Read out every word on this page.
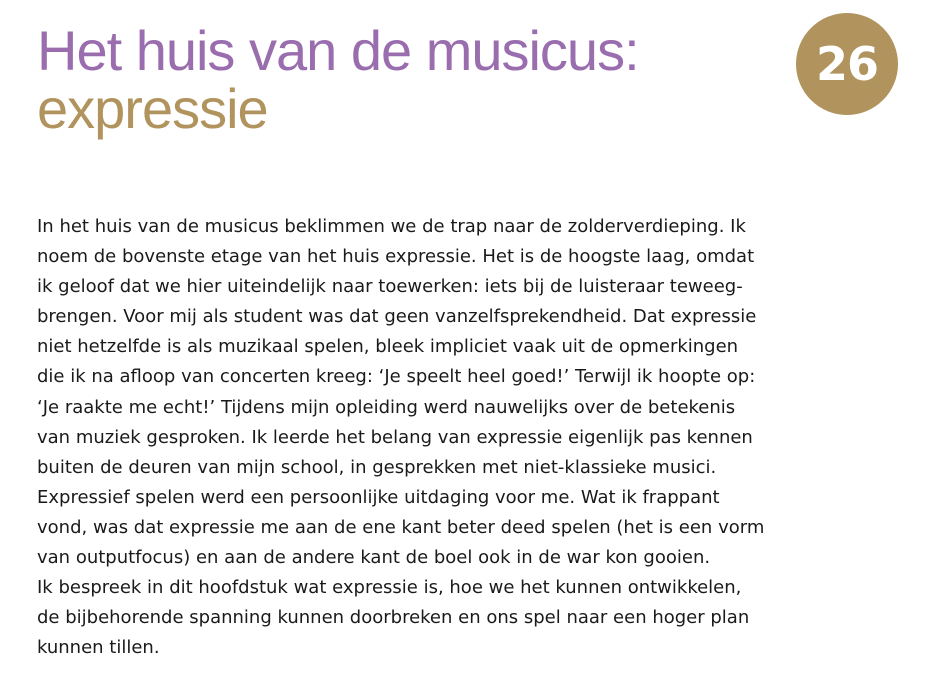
Het huis van de musicus:
expressie
26
In het huis van de musicus beklimmen we de trap naar de zolderverdieping. Ik
noem de bovenste etage van het huis expressie. Het is de hoogste laag, omdat
ik geloof dat we hier uiteindelijk naar toewerken: iets bij de luisteraar teweeg-
brengen. Voor mij als student was dat geen vanzelfsprekendheid. Dat expressie
niet hetzelfde is als muzikaal spelen, bleek impliciet vaak uit de opmerkingen
die ik na afloop van concerten kreeg: ‘Je speelt heel goed!’ Terwijl ik hoopte op:
‘Je raakte me echt!’ Tijdens mijn opleiding werd nauwelijks over de betekenis
van muziek gesproken. Ik leerde het belang van expressie eigenlijk pas kennen
buiten de deuren van mijn school, in gesprekken met niet-klassieke musici.
Expressief spelen werd een persoonlijke uitdaging voor me. Wat ik frappant
vond, was dat expressie me aan de ene kant beter deed spelen (het is een vorm
van outputfocus) en aan de andere kant de boel ook in de war kon gooien.
Ik bespreek in dit hoofdstuk wat expressie is, hoe we het kunnen ontwikkelen,
de bijbehorende spanning kunnen doorbreken en ons spel naar een hoger plan
kunnen tillen.
